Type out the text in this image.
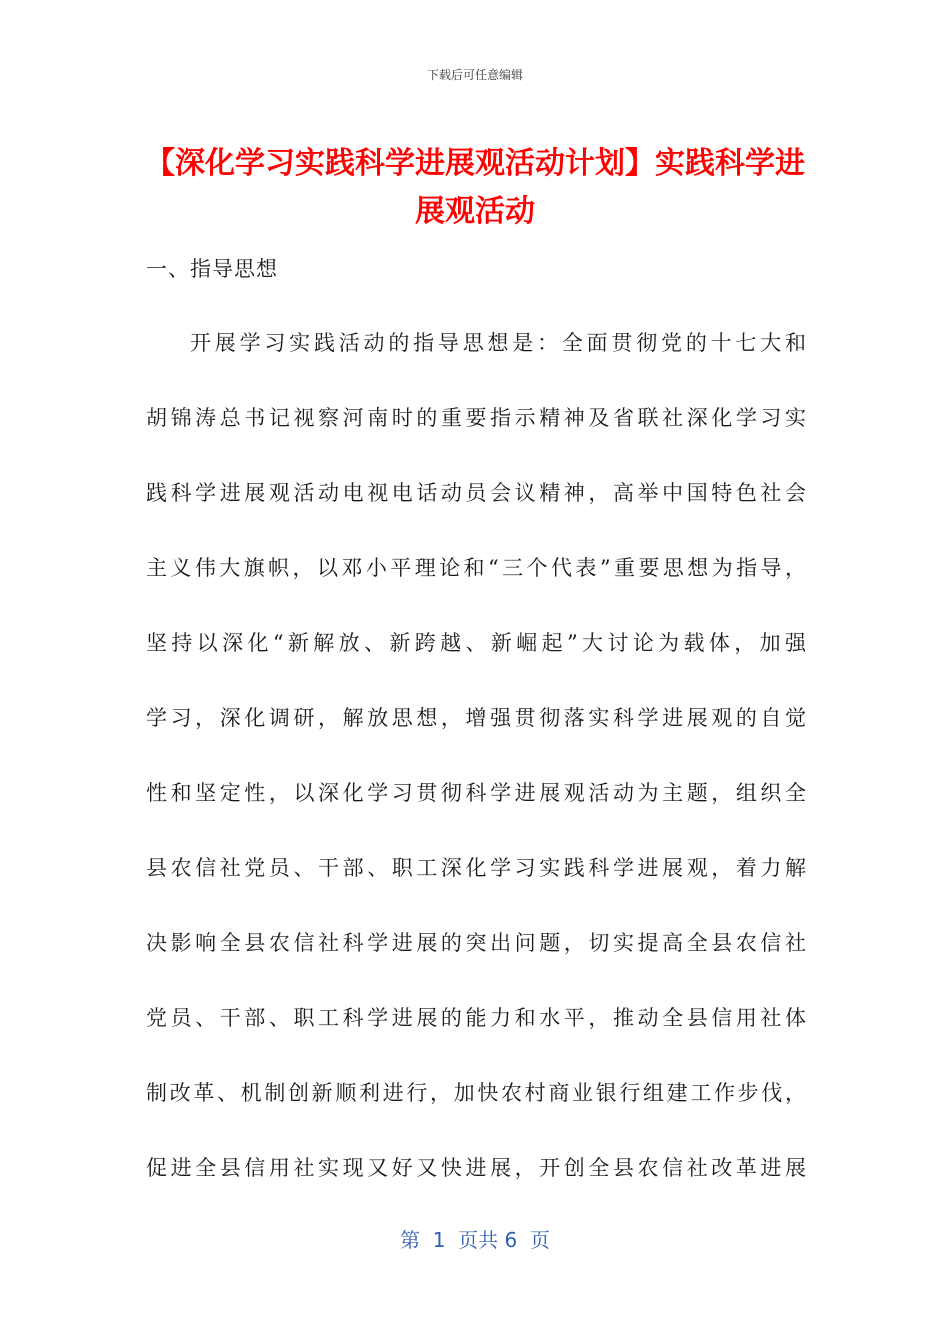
下载后可任意编辑
【深化学习实践科学进展观活动计划】实践科学进展观活动
一、指导思想
开展学习实践活动的指导思想是：全面贯彻党的十七大和
胡锦涛总书记视察河南时的重要指示精神及省联社深化学习实
践科学进展观活动电视电话动员会议精神，高举中国特色社会
主义伟大旗帜，以邓小平理论和“三个代表”重要思想为指导，
坚持以深化“新解放、新跨越、新崛起”大讨论为载体，加强
学习，深化调研，解放思想，增强贯彻落实科学进展观的自觉
性和坚定性，以深化学习贯彻科学进展观活动为主题，组织全
县农信社党员、干部、职工深化学习实践科学进展观，着力解
决影响全县农信社科学进展的突出问题，切实提高全县农信社
党员、干部、职工科学进展的能力和水平，推动全县信用社体
制改革、机制创新顺利进行，加快农村商业银行组建工作步伐，
促进全县信用社实现又好又快进展，开创全县农信社改革进展
第  1  页共 6  页
